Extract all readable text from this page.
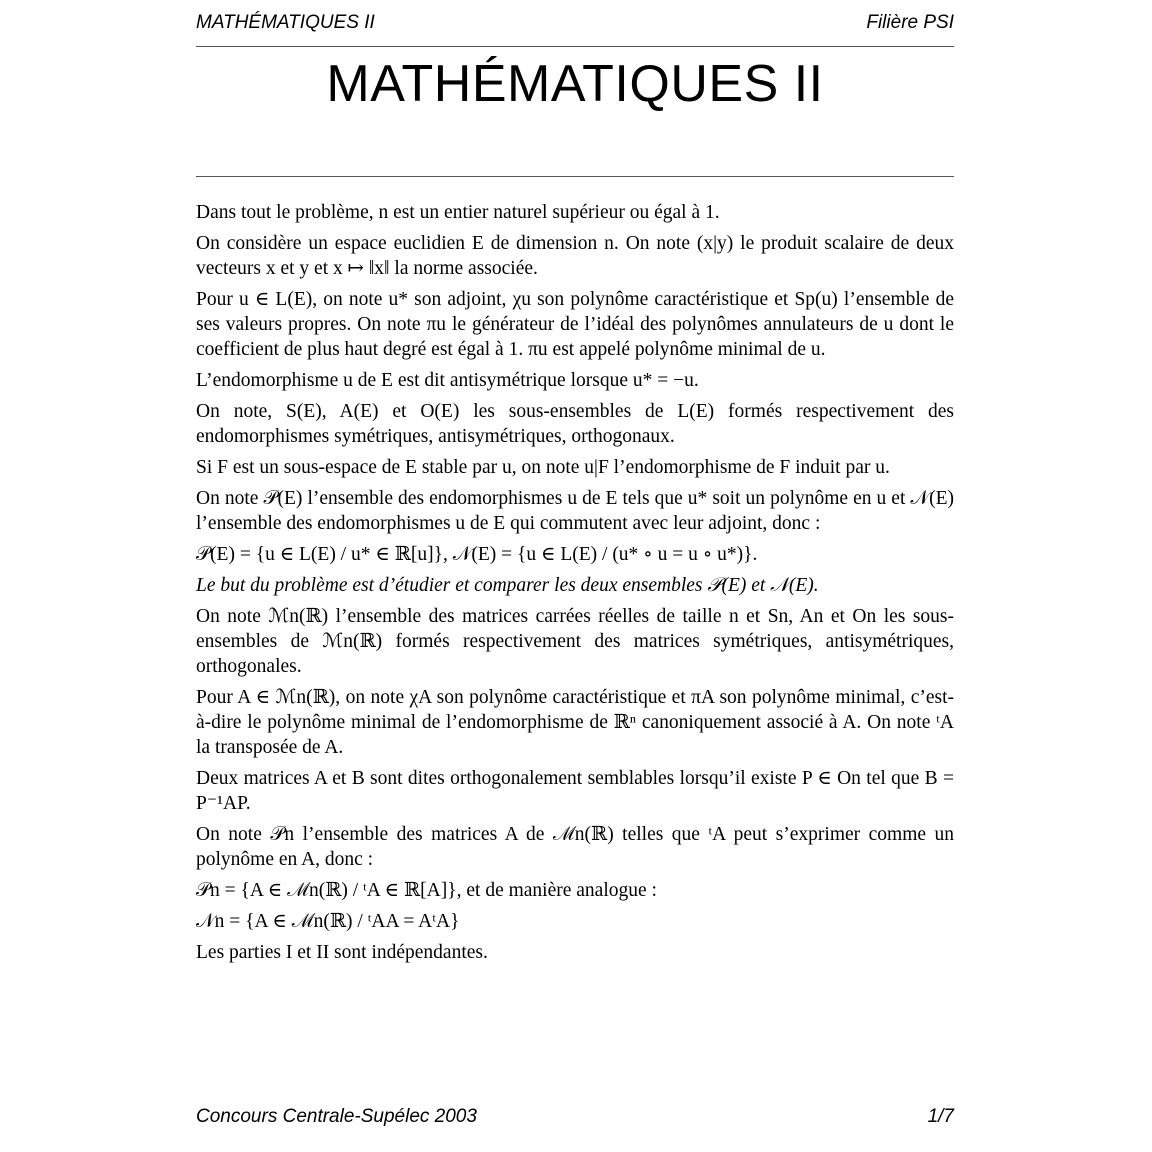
MATHÉMATIQUES II	Filière PSI
MATHÉMATIQUES II

Dans tout le problème, n est un entier naturel supérieur ou égal à 1.

On considère un espace euclidien E de dimension n. On note (x|y) le produit scalaire de deux vecteurs x et y et x ↦ ‖x‖ la norme associée.

Pour u ∈ L(E), on note u* son adjoint, χu son polynôme caractéristique et Sp(u) l’ensemble de ses valeurs propres. On note πu le générateur de l’idéal des polynômes annulateurs de u dont le coefficient de plus haut degré est égal à 1. πu est appelé polynôme minimal de u.

L’endomorphisme u de E est dit antisymétrique lorsque u* = −u.

On note, S(E), A(E) et O(E) les sous-ensembles de L(E) formés respectivement des endomorphismes symétriques, antisymétriques, orthogonaux.

Si F est un sous-espace de E stable par u, on note u|F l’endomorphisme de F induit par u.

On note 𝒫(E) l’ensemble des endomorphismes u de E tels que u* soit un polynôme en u et 𝒩(E) l’ensemble des endomorphismes u de E qui commutent avec leur adjoint, donc :

𝒫(E) = {u ∈ L(E) / u* ∈ ℝ[u]}, 𝒩(E) = {u ∈ L(E) / (u* ∘ u = u ∘ u*)}.

Le but du problème est d’étudier et comparer les deux ensembles 𝒫(E) et 𝒩(E).

On note ℳn(ℝ) l’ensemble des matrices carrées réelles de taille n et Sn, An et On les sous-ensembles de ℳn(ℝ) formés respectivement des matrices symétriques, antisymétriques, orthogonales.

Pour A ∈ ℳn(ℝ), on note χA son polynôme caractéristique et πA son polynôme minimal, c’est-à-dire le polynôme minimal de l’endomorphisme de ℝⁿ canoniquement associé à A. On note ᵗA la transposée de A.

Deux matrices A et B sont dites orthogonalement semblables lorsqu’il existe P ∈ On tel que B = P⁻¹AP.

On note 𝒫n l’ensemble des matrices A de ℳn(ℝ) telles que ᵗA peut s’exprimer comme un polynôme en A, donc :

𝒫n = {A ∈ ℳn(ℝ) / ᵗA ∈ ℝ[A]}, et de manière analogue :

𝒩n = {A ∈ ℳn(ℝ) / ᵗAA = AᵗA}

Les parties I et II sont indépendantes.

Concours Centrale-Supélec 2003	1/7
